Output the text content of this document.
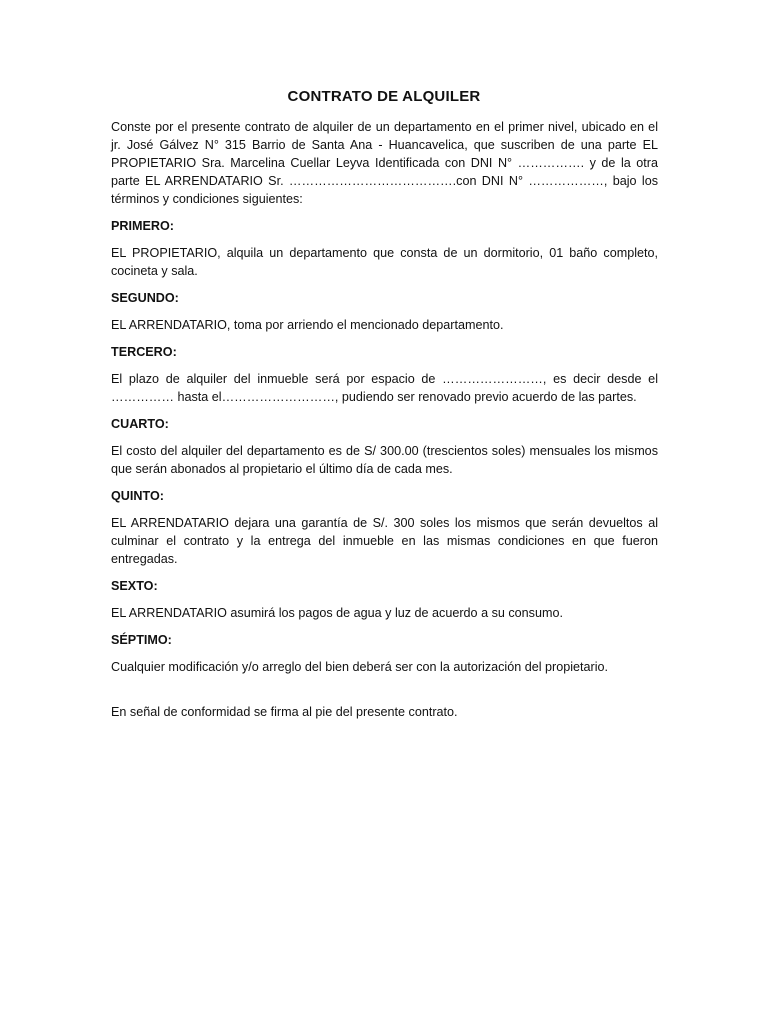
CONTRATO DE ALQUILER

Conste por el presente contrato de alquiler de un departamento en el primer nivel, ubicado en el jr. José Gálvez N° 315 Barrio de Santa Ana - Huancavelica, que suscriben de una parte EL PROPIETARIO Sra. Marcelina Cuellar Leyva Identificada con DNI N° ……………. y de la otra parte EL ARRENDATARIO Sr. ………………………………….con DNI N° ………………, bajo los términos y condiciones siguientes:

PRIMERO:

EL PROPIETARIO, alquila un departamento que consta de un dormitorio, 01 baño completo, cocineta y sala.

SEGUNDO:

EL ARRENDATARIO, toma por arriendo el mencionado departamento.

TERCERO:

El plazo de alquiler del inmueble será por espacio de ……………………, es decir desde el …………… hasta el………………………, pudiendo ser renovado previo acuerdo de las partes.

CUARTO:

El costo del alquiler del departamento es de S/ 300.00 (trescientos soles) mensuales los mismos que serán abonados al propietario el último día de cada mes.

QUINTO:

EL ARRENDATARIO dejara una garantía de S/. 300 soles los mismos que serán devueltos al culminar el contrato y la entrega del inmueble en las mismas condiciones en que fueron entregadas.

SEXTO:

EL ARRENDATARIO asumirá los pagos de agua y luz de acuerdo a su consumo.

SÉPTIMO:

Cualquier modificación y/o arreglo del bien deberá ser con la autorización del propietario.

En señal de conformidad se firma al pie del presente contrato.
